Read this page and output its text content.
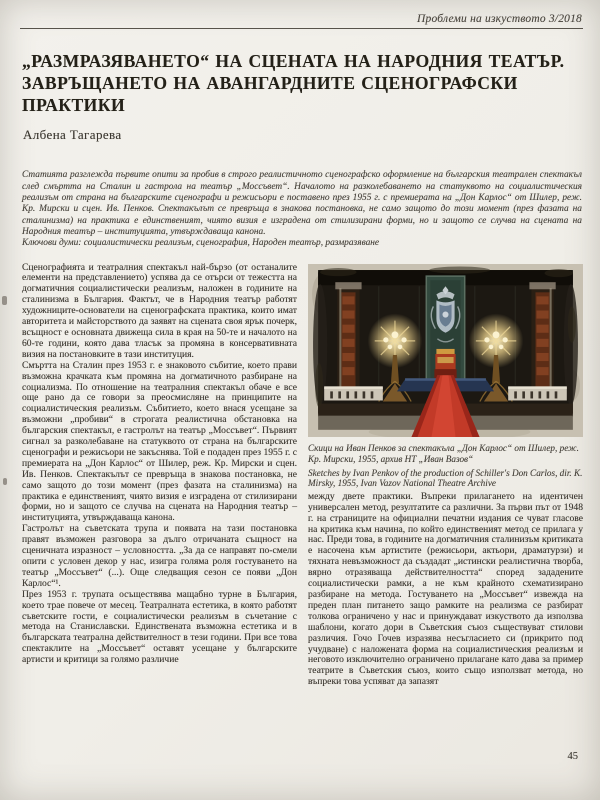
Проблеми на изкуството 3/2018
„РАЗМРАЗЯВАНЕТО“ НА СЦЕНАТА НА НАРОДНИЯ ТЕАТЪР. ЗАВРЪЩАНЕТО НА АВАНГАРДНИТЕ СЦЕНОГРАФСКИ ПРАКТИКИ
Албена Тагарева

Статията разглежда първите опити за пробив в строго реалистичното сценографско оформление на българския театрален спектакъл след смъртта на Сталин и гастрола на театър „Моссъвет“. Началото на разколебаването на статуквото на социалистическия реализъм от страна на българските сценографи и режисьори е поставено през 1955 г. с премиерата на „Дон Карлос“ от Шилер, реж. Кр. Мирски и сцен. Ив. Пенков. Спектакълът се превръща в знакова постановка, не само защото до този момент (през фазата на сталинизма) на практика е единственият, чиято визия е изградена от стилизирани форми, но и защото се случва на сцената на Народния театър – институцията, утвърждаваща канона.

Ключови думи: социалистически реализъм, сценография, Народен театър, размразяване

Сценографията и театралния спектакъл най-бързо (от останалите елементи на представлението) успява да се отърси от тежестта на догматичния социалистически реализъм, наложен в годините на сталинизма в България. Фактът, че в Народния театър работят художниците-основатели на сценографската практика, които имат авторитета и майсторството да заявят на сцената своя ярък почерк, всъщност е основната движеща сила в края на 50-те и началото на 60-те години, която дава тласък за промяна в консервативната визия на постановките в тази институция.

Смъртта на Сталин през 1953 г. е знаковото събитие, което прави възможна крачката към промяна на догматичното разбиране на социализма. По отношение на театралния спектакъл обаче е все още рано да се говори за преосмисляне на принципите на социалистическия реализъм. Събитието, което внася усещане за възможни „пробиви“ в строгата реалистична обстановка на българския спектакъл, е гастролът на театър „Моссъвет“. Първият сигнал за разколебаване на статуквото от страна на българските сценографи и режисьори не закъснява. Той е подаден през 1955 г. с премиерата на „Дон Карлос“ от Шилер, реж. Кр. Мирски и сцен. Ив. Пенков. Спектакълът се превръща в знакова постановка, не само защото до този момент (през фазата на сталинизма) на практика е единственият, чиято визия е изградена от стилизирани форми, но и защото се случва на сцената на Народния театър – институцията, утвърждаваща канона.

Гастролът на съветската трупа и появата на тази постановка правят възможен разговора за дълго отричаната същност на сценичната изразност – условността. „За да се направят по-смели опити с условен декор у нас, изигра голяма роля гостуването на театър „Моссъвет“ (...). Още следващия сезон се появи „Дон Карлос“¹.

През 1953 г. трупата осъществява мащабно турне в България, което трае повече от месец. Театралната естетика, в която работят съветските гости, е социалистически реализъм в съчетание с метода на Станиславски. Единствената възможна естетика и в българската театрална действителност в тези години. При все това спектаклите на „Моссъвет“ оставят усещане у българските артисти и критици за голямо различие

Скици на Иван Пенков за спектакъла „Дон Карлос“ от Шилер, реж. Кр. Мирски, 1955, архив НТ „Иван Вазов“

Sketches by Ivan Penkov of the production of Schiller's Don Carlos, dir. K. Mirsky, 1955, Ivan Vazov National Theatre Archive

между двете практики. Въпреки прилагането на идентичен универсален метод, резултатите са различни. За първи път от 1948 г. на страниците на официални печатни издания се чуват гласове на критика към начина, по който единственият метод се прилага у нас. Преди това, в годините на догматичния сталинизъм критиката е насочена към артистите (режисьори, актьори, драматурзи) и тяхната невъзможност да създадат „истински реалистична творба, вярно отразяваща действителността“ според зададените социалистически рамки, а не към крайното схематизирано разбиране на метода. Гостуването на „Моссъвет“ извежда на преден план питането защо рамките на реализма се разбират толкова ограничено у нас и принуждават изкуството да използва шаблони, когато дори в Съветския съюз съществуват стилови различия. Гочо Гочев изразява несъгласието си (прикрито под учудване) с наложената форма на социалистическия реализъм и неговото изключително ограничено прилагане като дава за пример театрите в Съветския съюз, които също използват метода, но въпреки това успяват да запазят

45
